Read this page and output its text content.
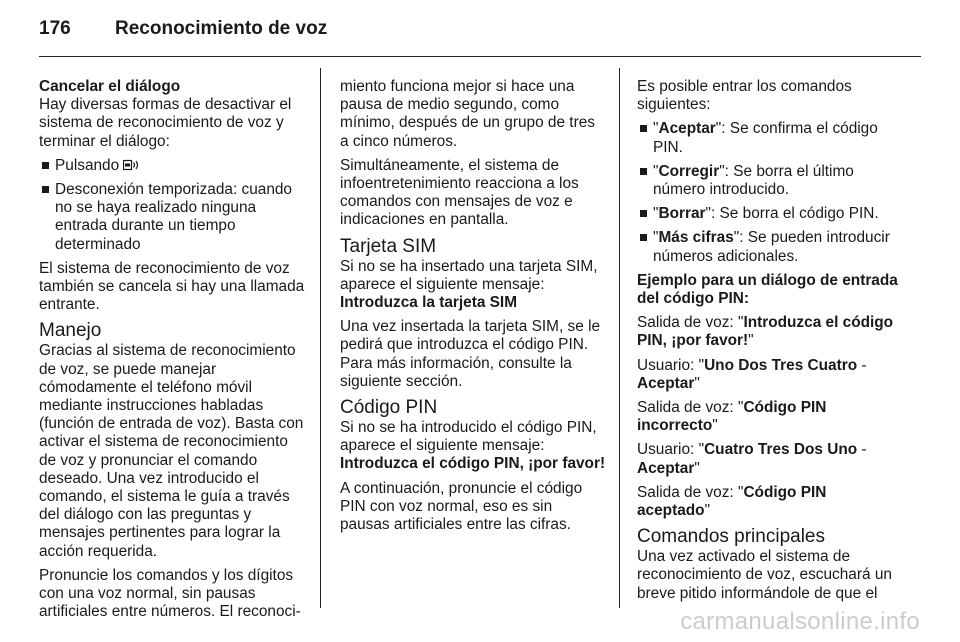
176	Reconocimiento de voz
Cancelar el diálogo

Hay diversas formas de desactivar el sistema de reconocimiento de voz y terminar el diálogo:

Pulsando
Desconexión temporizada: cuando no se haya realizado ninguna entrada durante un tiempo determinado

El sistema de reconocimiento de voz también se cancela si hay una llamada entrante.

Manejo

Gracias al sistema de reconocimiento de voz, se puede manejar cómodamente el teléfono móvil mediante instrucciones habladas (función de entrada de voz). Basta con activar el sistema de reconocimiento de voz y pronunciar el comando deseado. Una vez introducido el comando, el sistema le guía a través del diálogo con las preguntas y mensajes pertinentes para lograr la acción requerida.

Pronuncie los comandos y los dígitos con una voz normal, sin pausas artificiales entre números. El reconoci-

miento funciona mejor si hace una pausa de medio segundo, como mínimo, después de un grupo de tres a cinco números.

Simultáneamente, el sistema de infoentretenimiento reacciona a los comandos con mensajes de voz e indicaciones en pantalla.

Tarjeta SIM
Si no se ha insertado una tarjeta SIM, aparece el siguiente mensaje:

Introduzca la tarjeta SIM

Una vez insertada la tarjeta SIM, se le pedirá que introduzca el código PIN. Para más información, consulte la siguiente sección.

Código PIN
Si no se ha introducido el código PIN, aparece el siguiente mensaje:

Introduzca el código PIN, ¡por favor!

A continuación, pronuncie el código PIN con voz normal, eso es sin pausas artificiales entre las cifras.

Es posible entrar los comandos siguientes:

"Aceptar": Se confirma el código PIN.
"Corregir": Se borra el último número introducido.
"Borrar": Se borra el código PIN.
"Más cifras": Se pueden introducir números adicionales.

Ejemplo para un diálogo de entrada del código PIN:

Salida de voz: "Introduzca el código PIN, ¡por favor!"

Usuario: "Uno Dos Tres Cuatro - Aceptar"

Salida de voz: "Código PIN incorrecto"

Usuario: "Cuatro Tres Dos Uno - Aceptar"

Salida de voz: "Código PIN aceptado"

Comandos principales

Una vez activado el sistema de reconocimiento de voz, escuchará un breve pitido informándole de que el

carmanualsonline.info
